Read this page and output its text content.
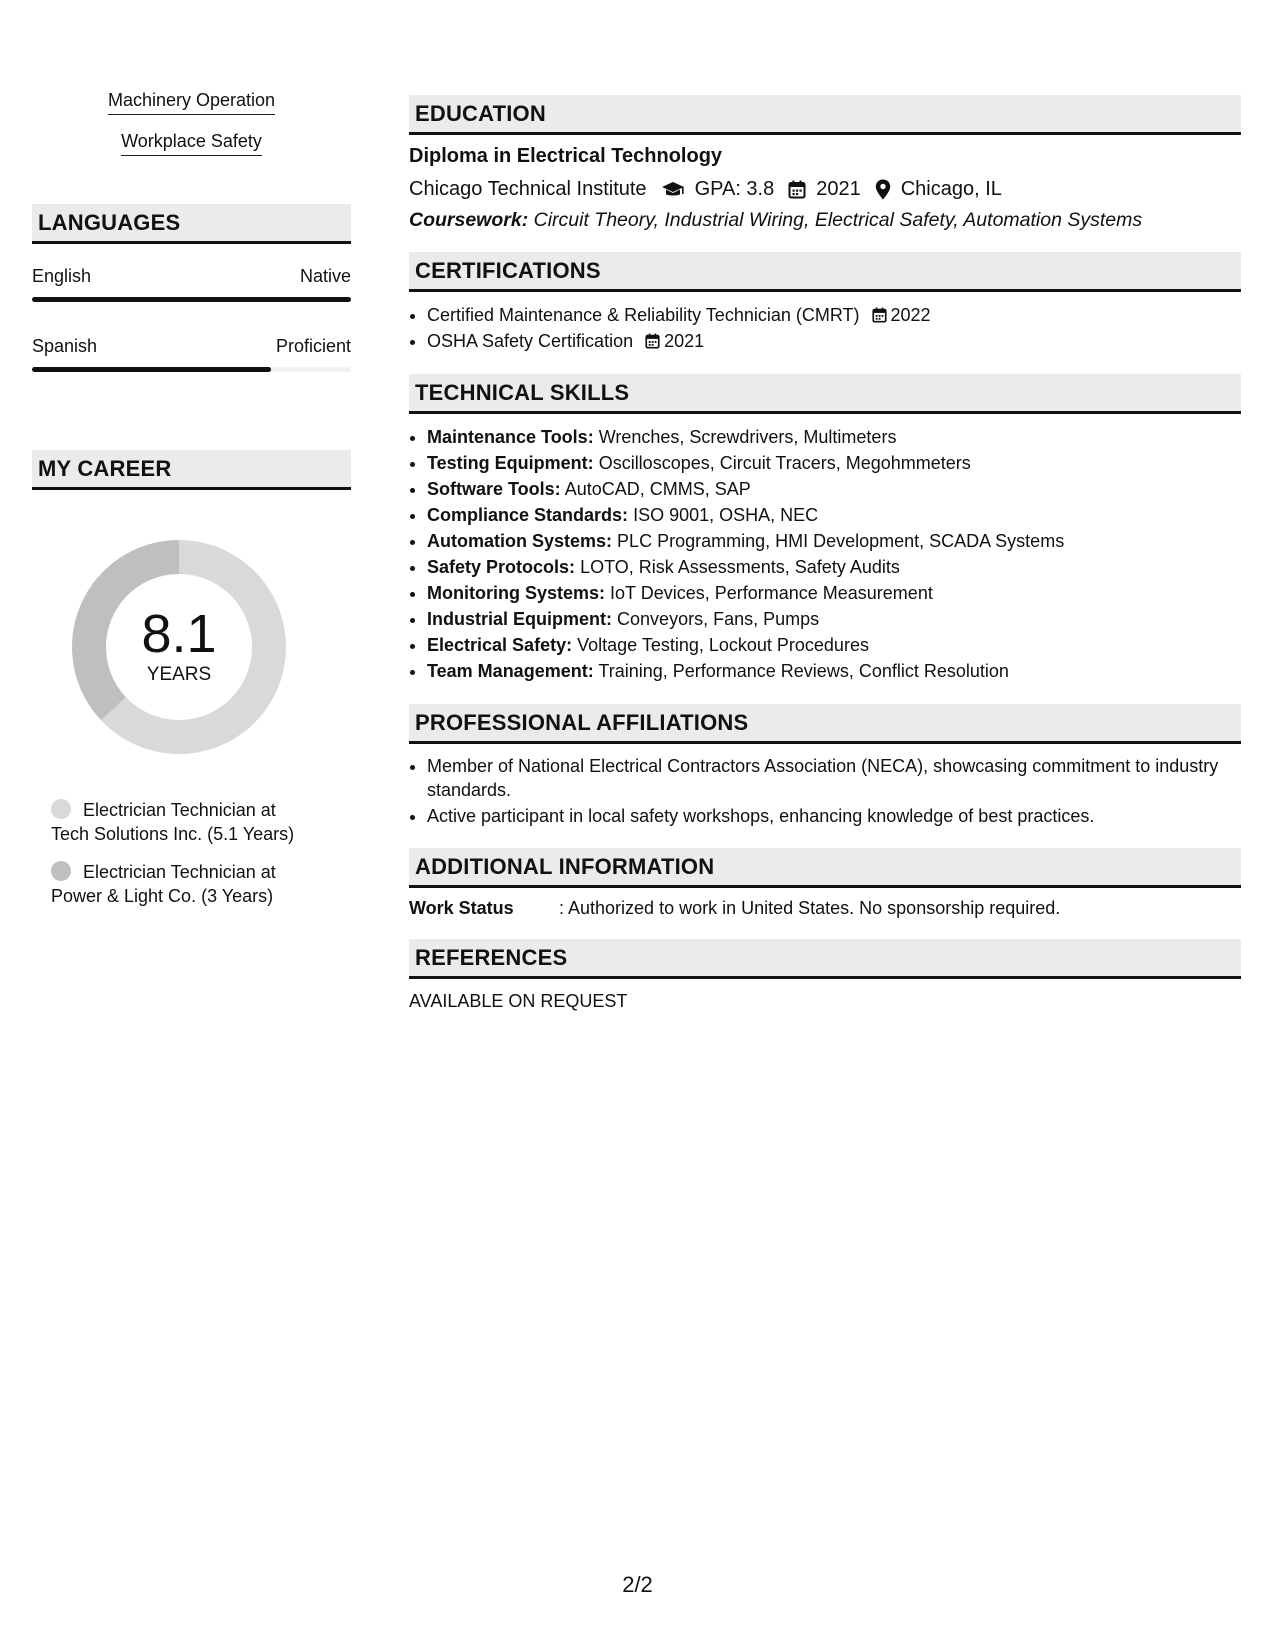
Machinery Operation
Workplace Safety
LANGUAGES
English	Native
Spanish	Proficient
MY CAREER
8.1
YEARS
Electrician Technician at
Tech Solutions Inc. (5.1 Years)
Electrician Technician at
Power & Light Co. (3 Years)
EDUCATION
Diploma in Electrical Technology
Chicago Technical Institute GPA: 3.8 2021 Chicago, IL
Coursework: Circuit Theory, Industrial Wiring, Electrical Safety, Automation Systems
CERTIFICATIONS
• Certified Maintenance & Reliability Technician (CMRT) 2022
• OSHA Safety Certification 2021
TECHNICAL SKILLS
• Maintenance Tools: Wrenches, Screwdrivers, Multimeters
• Testing Equipment: Oscilloscopes, Circuit Tracers, Megohmmeters
• Software Tools: AutoCAD, CMMS, SAP
• Compliance Standards: ISO 9001, OSHA, NEC
• Automation Systems: PLC Programming, HMI Development, SCADA Systems
• Safety Protocols: LOTO, Risk Assessments, Safety Audits
• Monitoring Systems: IoT Devices, Performance Measurement
• Industrial Equipment: Conveyors, Fans, Pumps
• Electrical Safety: Voltage Testing, Lockout Procedures
• Team Management: Training, Performance Reviews, Conflict Resolution
PROFESSIONAL AFFILIATIONS
• Member of National Electrical Contractors Association (NECA), showcasing commitment to industry standards.
• Active participant in local safety workshops, enhancing knowledge of best practices.
ADDITIONAL INFORMATION
Work Status	: Authorized to work in United States. No sponsorship required.
REFERENCES
AVAILABLE ON REQUEST
2/2
